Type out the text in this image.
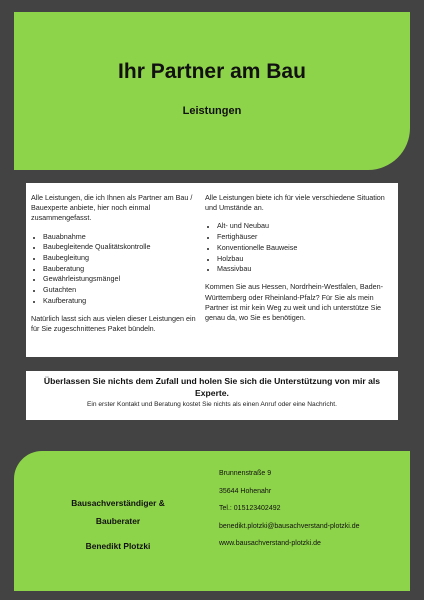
Ihr Partner am Bau
Leistungen

Alle Leistungen, die ich Ihnen als Partner am Bau / Bauexperte anbiete, hier noch einmal zusammengefasst.

• Bauabnahme
• Baubegleitende Qualitätskontrolle
• Baubegleitung
• Bauberatung
• Gewährleistungsmängel
• Gutachten
• Kaufberatung

Natürlich lasst sich aus vielen dieser Leistungen ein für Sie zugeschnittenes Paket bündeln.

Alle Leistungen biete ich für viele verschiedene Situation und Umstände an.

• Alt- und Neubau
• Fertighäuser
• Konventionelle Bauweise
• Holzbau
• Massivbau

Kommen Sie aus Hessen, Nordrhein-Westfalen, Baden-Württemberg oder Rheinland-Pfalz? Für Sie als mein Partner ist mir kein Weg zu weit und ich unterstütze Sie genau da, wo Sie es benötigen.

Überlassen Sie nichts dem Zufall und holen Sie sich die Unterstützung von mir als Experte.
Ein erster Kontakt und Beratung kostet Sie nichts als einen Anruf oder eine Nachricht.
Bausachverständiger &
Bauberater
Benedikt Plotzki
Brunnenstraße 9
35644 Hohenahr
Tel.: 015123402492
benedikt.plotzki@bausachverstand-plotzki.de
www.bausachverstand-plotzki.de
